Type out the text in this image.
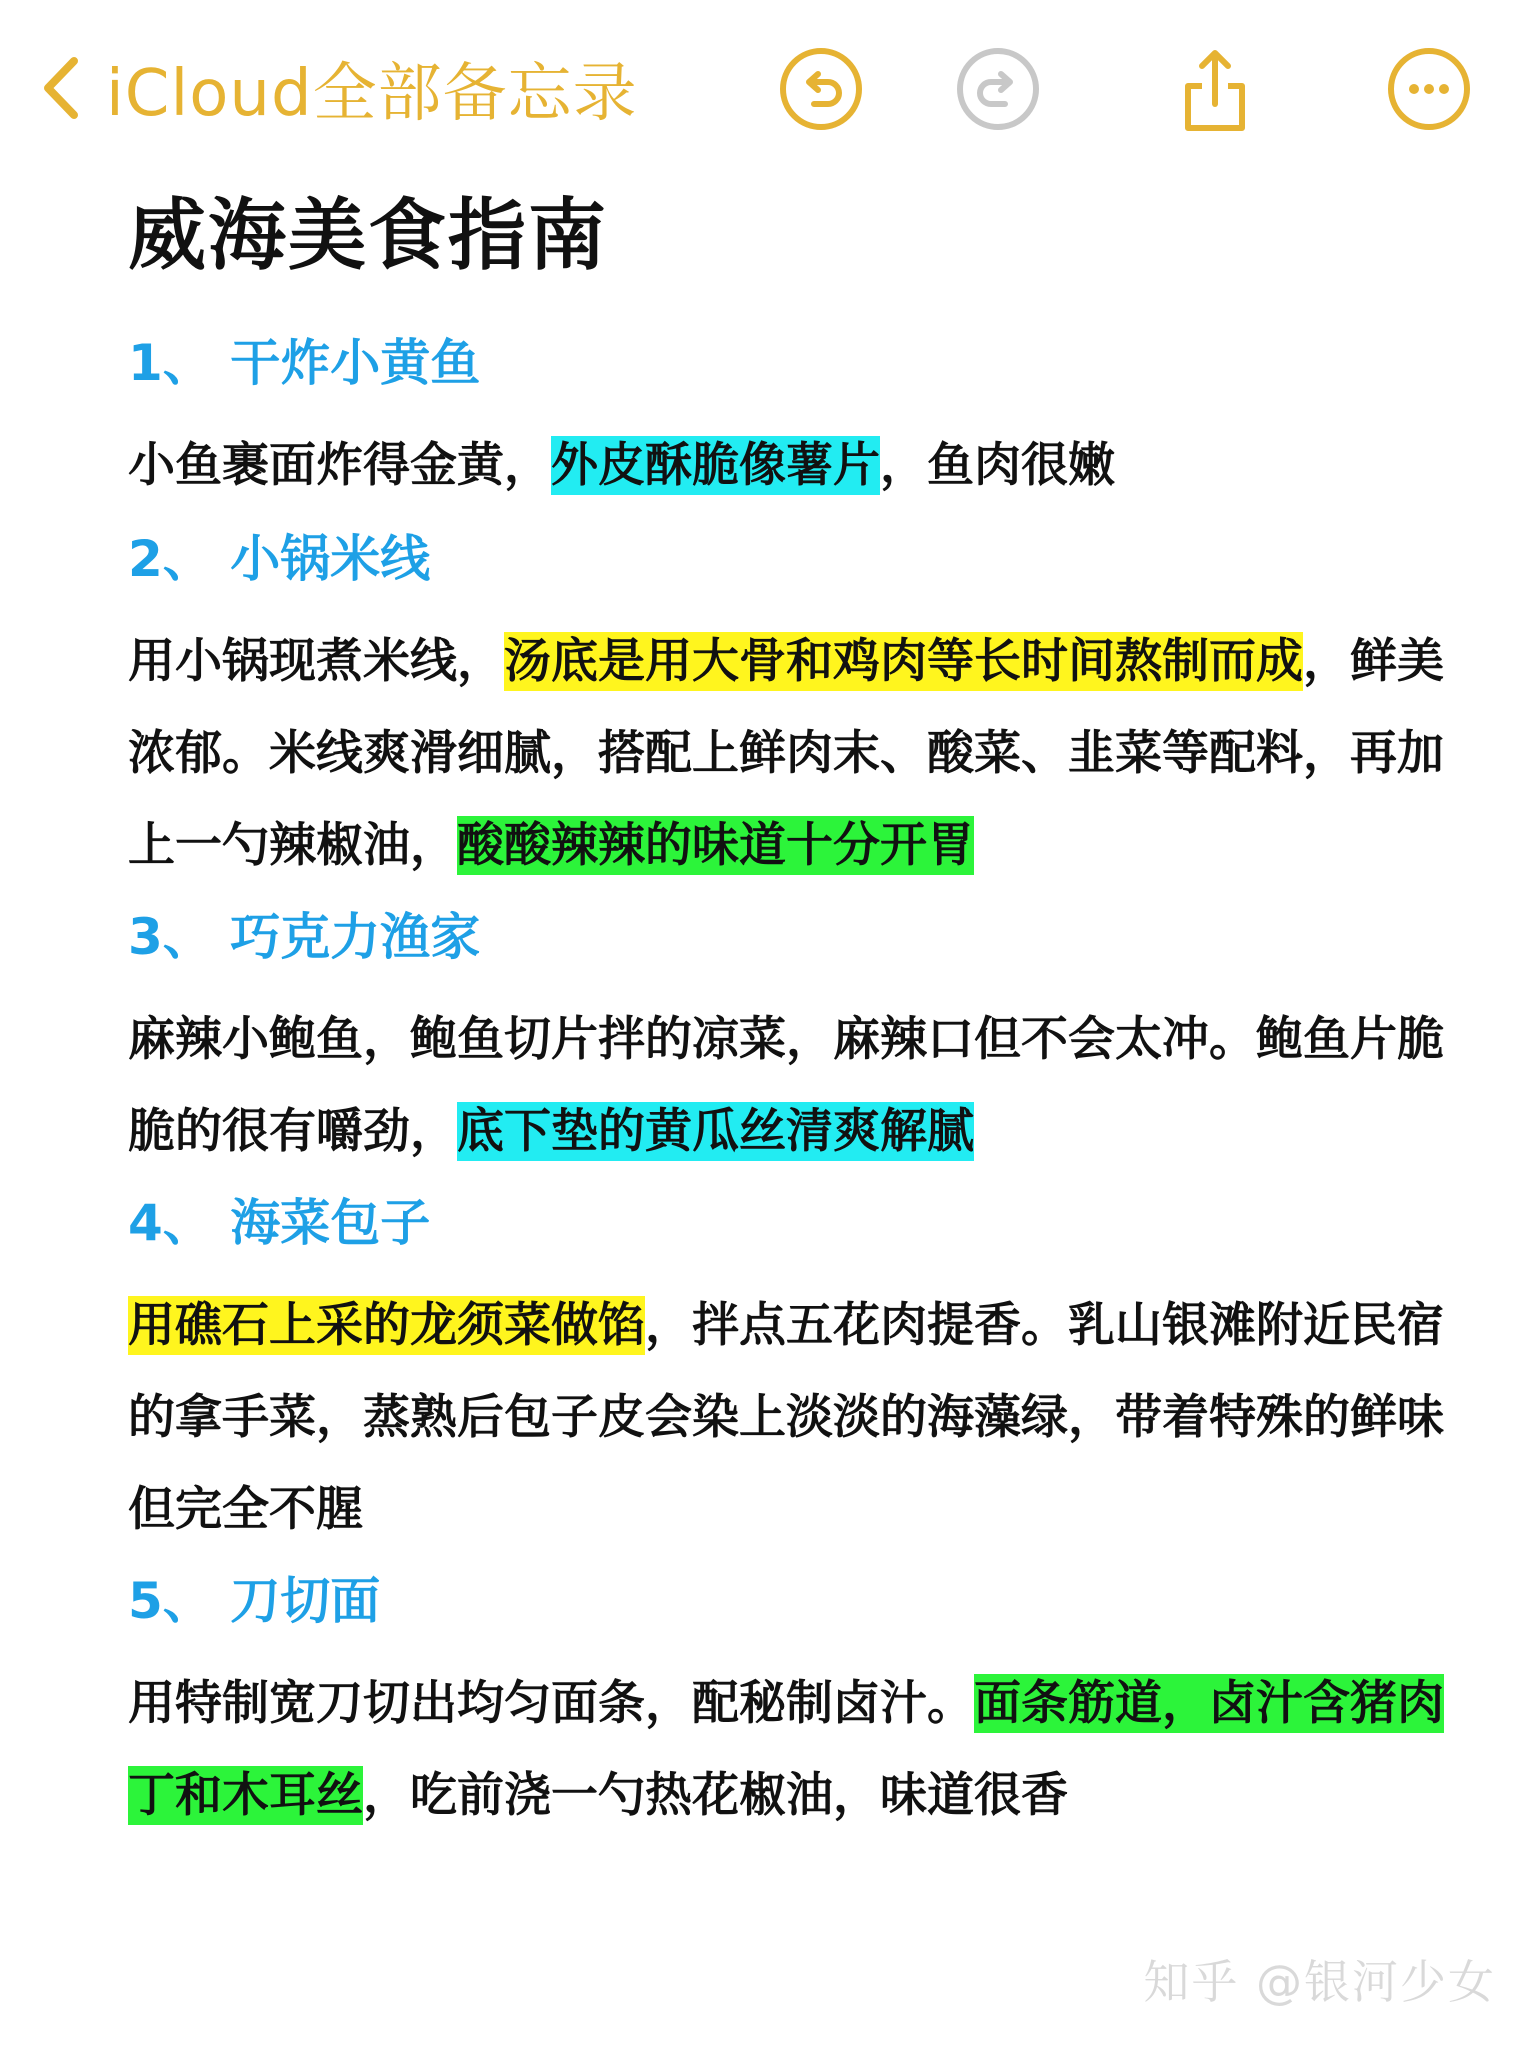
iCloud全部备忘录
威海美食指南
1、 干炸小黄鱼
小鱼裹面炸得金黄，外皮酥脆像薯片，鱼肉很嫩
2、 小锅米线
用小锅现煮米线，汤底是用大骨和鸡肉等长时间熬制而成，鲜美浓郁。米线爽滑细腻，搭配上鲜肉末、酸菜、韭菜等配料，再加上一勺辣椒油，酸酸辣辣的味道十分开胃
3、 巧克力渔家
麻辣小鲍鱼，鲍鱼切片拌的凉菜，麻辣口但不会太冲。鲍鱼片脆脆的很有嚼劲，底下垫的黄瓜丝清爽解腻
4、 海菜包子
用礁石上采的龙须菜做馅，拌点五花肉提香。乳山银滩附近民宿的拿手菜，蒸熟后包子皮会染上淡淡的海藻绿，带着特殊的鲜味但完全不腥
5、 刀切面
用特制宽刀切出均匀面条，配秘制卤汁。面条筋道，卤汁含猪肉丁和木耳丝，吃前浇一勺热花椒油，味道很香
知乎 @银河少女
